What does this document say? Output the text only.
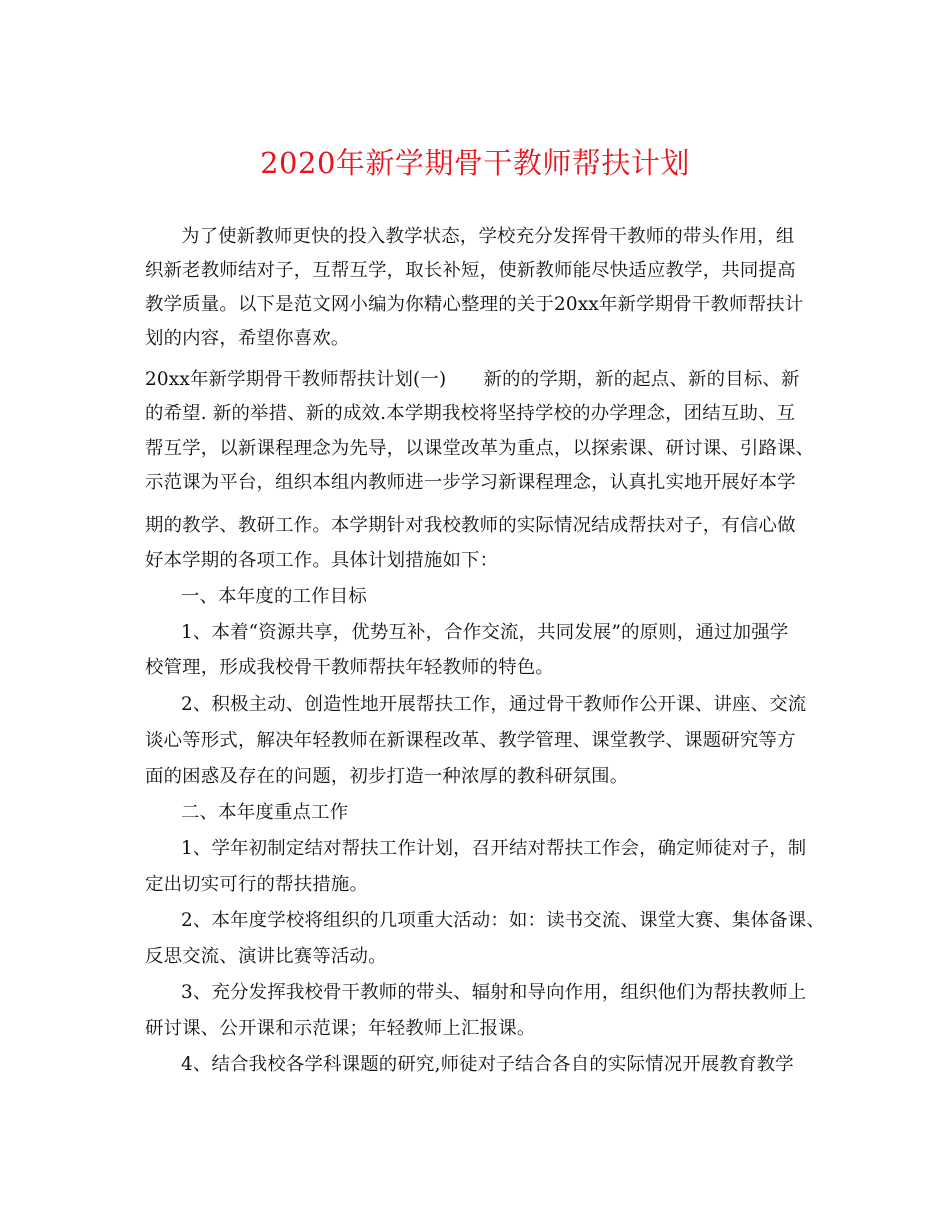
2020年新学期骨干教师帮扶计划
为了使新教师更快的投入教学状态，学校充分发挥骨干教师的带头作用，组
织新老教师结对子，互帮互学，取长补短，使新教师能尽快适应教学，共同提高
教学质量。以下是范文网小编为你精心整理的关于20xx年新学期骨干教师帮扶计
划的内容，希望你喜欢。
20xx年新学期骨干教师帮扶计划(一)　　新的的学期，新的起点、新的目标、新
的希望. 新的举措、新的成效.本学期我校将坚持学校的办学理念，团结互助、互
帮互学，以新课程理念为先导，以课堂改革为重点，以探索课、研讨课、引路课、
示范课为平台，组织本组内教师进一步学习新课程理念，认真扎实地开展好本学
期的教学、教研工作。本学期针对我校教师的实际情况结成帮扶对子，有信心做
好本学期的各项工作。具体计划措施如下：
一、本年度的工作目标
1、本着“资源共享，优势互补，合作交流，共同发展”的原则，通过加强学
校管理，形成我校骨干教师帮扶年轻教师的特色。
2、积极主动、创造性地开展帮扶工作，通过骨干教师作公开课、讲座、交流
谈心等形式，解决年轻教师在新课程改革、教学管理、课堂教学、课题研究等方
面的困惑及存在的问题，初步打造一种浓厚的教科研氛围。
二、本年度重点工作
1、学年初制定结对帮扶工作计划，召开结对帮扶工作会，确定师徒对子，制
定出切实可行的帮扶措施。
2、本年度学校将组织的几项重大活动：如：读书交流、课堂大赛、集体备课、
反思交流、演讲比赛等活动。
3、充分发挥我校骨干教师的带头、辐射和导向作用，组织他们为帮扶教师上
研讨课、公开课和示范课；年轻教师上汇报课。
4、结合我校各学科课题的研究,师徒对子结合各自的实际情况开展教育教学
